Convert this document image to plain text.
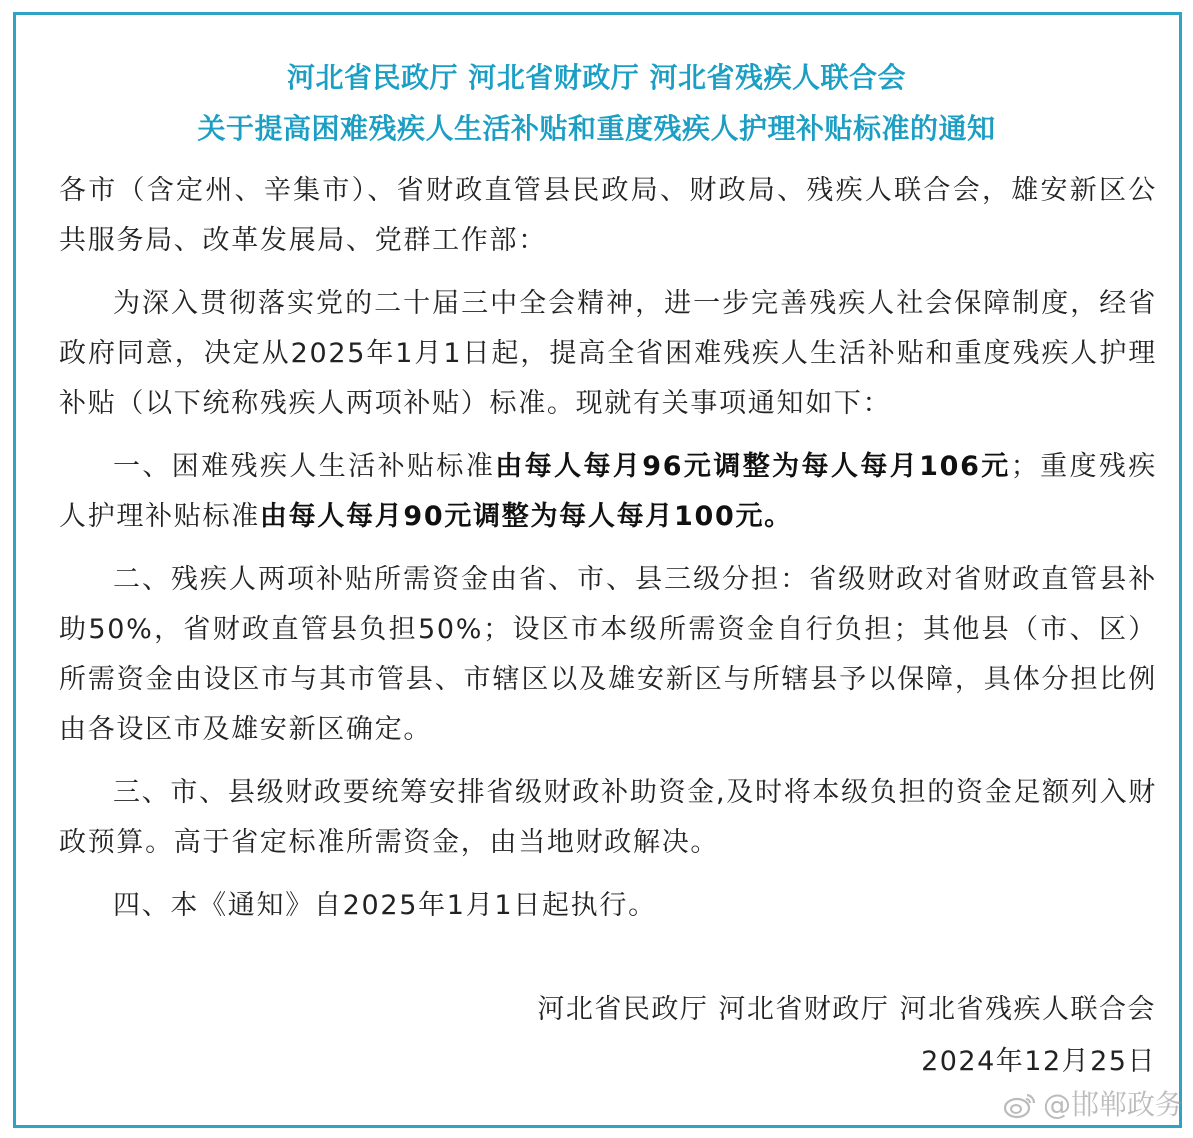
河北省民政厅 河北省财政厅 河北省残疾人联合会
关于提高困难残疾人生活补贴和重度残疾人护理补贴标准的通知

各市（含定州、辛集市）、省财政直管县民政局、财政局、残疾人联合会，雄安新区公共服务局、改革发展局、党群工作部：

为深入贯彻落实党的二十届三中全会精神，进一步完善残疾人社会保障制度，经省政府同意，决定从2025年1月1日起，提高全省困难残疾人生活补贴和重度残疾人护理补贴（以下统称残疾人两项补贴）标准。现就有关事项通知如下：

一、困难残疾人生活补贴标准由每人每月96元调整为每人每月106元；重度残疾人护理补贴标准由每人每月90元调整为每人每月100元。

二、残疾人两项补贴所需资金由省、市、县三级分担：省级财政对省财政直管县补助50%，省财政直管县负担50%；设区市本级所需资金自行负担；其他县（市、区）所需资金由设区市与其市管县、市辖区以及雄安新区与所辖县予以保障，具体分担比例由各设区市及雄安新区确定。

三、市、县级财政要统筹安排省级财政补助资金,及时将本级负担的资金足额列入财政预算。高于省定标准所需资金，由当地财政解决。

四、本《通知》自2025年1月1日起执行。

河北省民政厅 河北省财政厅 河北省残疾人联合会
2024年12月25日
@邯郸政务
